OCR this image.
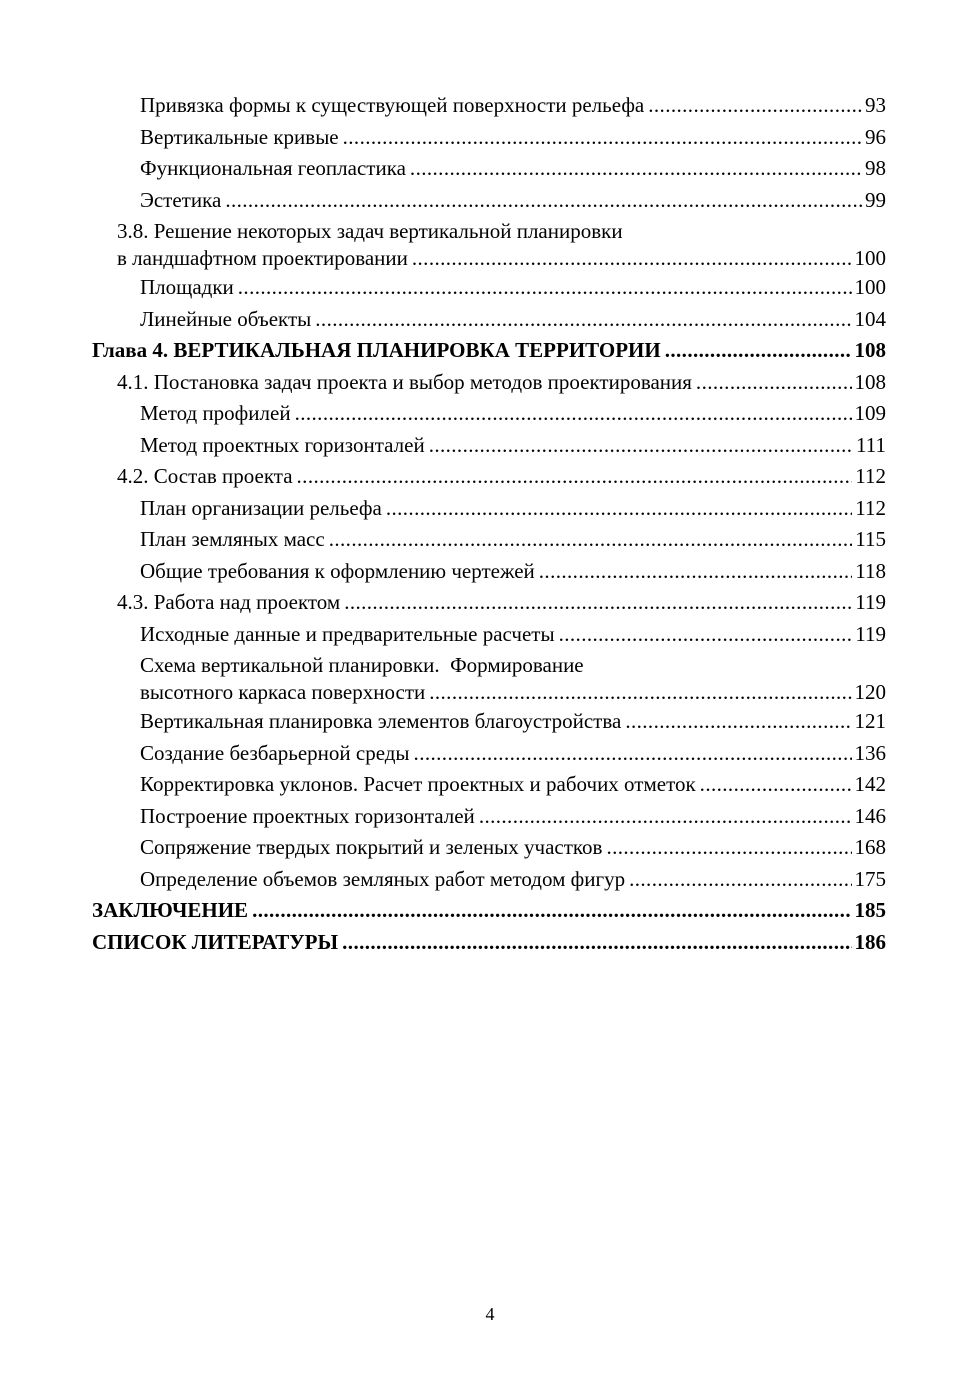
Привязка формы к существующей поверхности рельефа .....	93
Вертикальные кривые .....	96
Функциональная геопластика .....	98
Эстетика .....	99
3.8. Решение некоторых задач вертикальной планировки
в ландшафтном проектировании .....	100
Площадки .....	100
Линейные объекты .....	104
Глава 4. ВЕРТИКАЛЬНАЯ ПЛАНИРОВКА ТЕРРИТОРИИ .....	108
4.1. Постановка задач проекта и выбор методов проектирования .....	108
Метод профилей .....	109
Метод проектных горизонталей .....	111
4.2. Состав проекта .....	112
План организации рельефа .....	112
План земляных масс .....	115
Общие требования к оформлению чертежей .....	118
4.3. Работа над проектом .....	119
Исходные данные и предварительные расчеты .....	119
Схема вертикальной планировки.  Формирование
высотного каркаса поверхности .....	120
Вертикальная планировка элементов благоустройства .....	121
Создание безбарьерной среды .....	136
Корректировка уклонов. Расчет проектных и рабочих отметок .....	142
Построение проектных горизонталей .....	146
Сопряжение твердых покрытий и зеленых участков .....	168
Определение объемов земляных работ методом фигур .....	175
ЗАКЛЮЧЕНИЕ .....	185
СПИСОК ЛИТЕРАТУРЫ .....	186
4
